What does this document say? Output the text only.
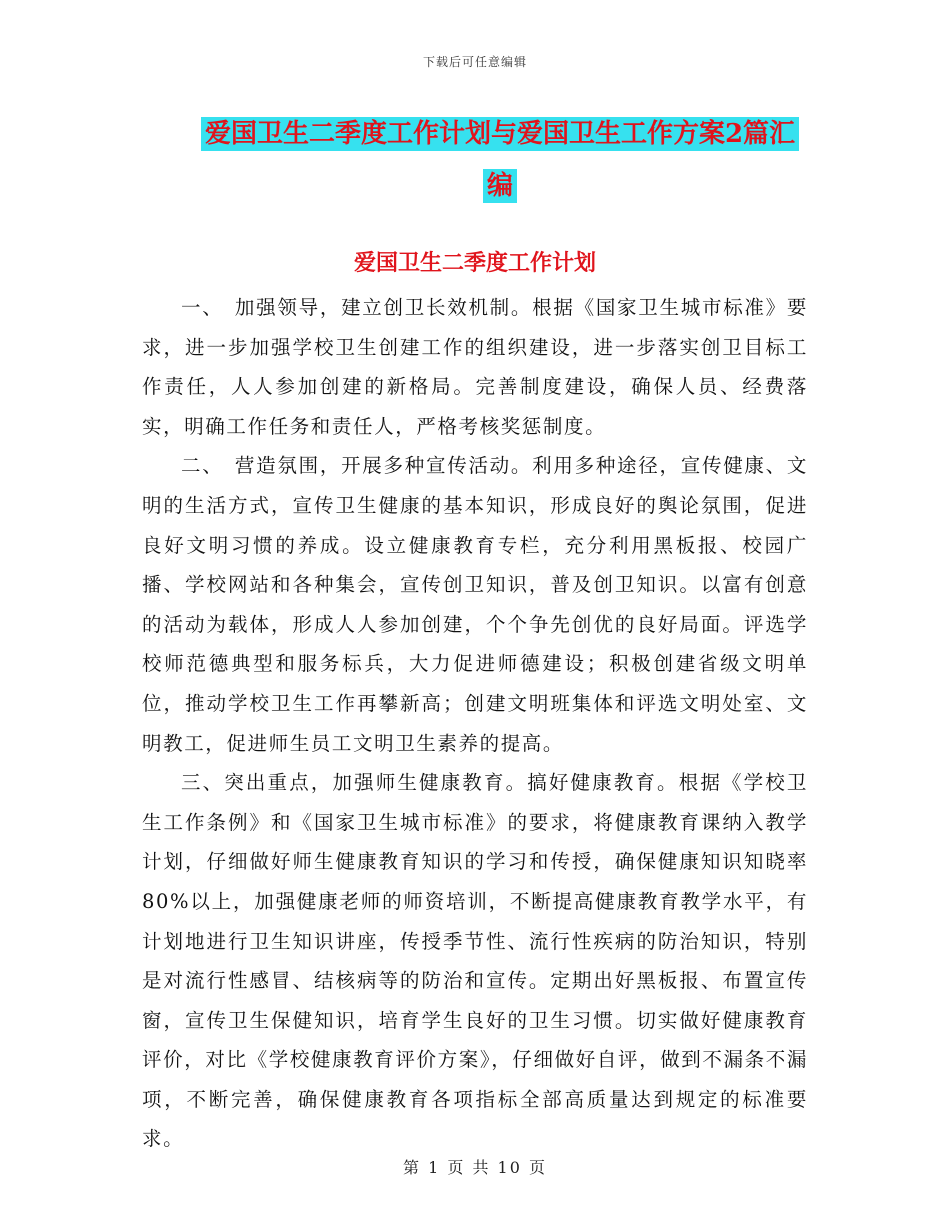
下载后可任意编辑
爱国卫生二季度工作计划与爱国卫生工作方案2篇汇
编
爱国卫生二季度工作计划

一、　加强领导，建立创卫长效机制。根据《国家卫生城市标准》要求，进一步加强学校卫生创建工作的组织建设，进一步落实创卫目标工作责任，人人参加创建的新格局。完善制度建设，确保人员、经费落实，明确工作任务和责任人，严格考核奖惩制度。

二、　营造氛围，开展多种宣传活动。利用多种途径，宣传健康、文明的生活方式，宣传卫生健康的基本知识，形成良好的舆论氛围，促进良好文明习惯的养成。设立健康教育专栏，充分利用黑板报、校园广播、学校网站和各种集会，宣传创卫知识，普及创卫知识。以富有创意的活动为载体，形成人人参加创建，个个争先创优的良好局面。评选学校师范德典型和服务标兵，大力促进师德建设；积极创建省级文明单位，推动学校卫生工作再攀新高；创建文明班集体和评选文明处室、文明教工，促进师生员工文明卫生素养的提高。

三、突出重点，加强师生健康教育。搞好健康教育。根据《学校卫生工作条例》和《国家卫生城市标准》的要求，将健康教育课纳入教学计划，仔细做好师生健康教育知识的学习和传授，确保健康知识知晓率80%以上，加强健康老师的师资培训，不断提高健康教育教学水平，有计划地进行卫生知识讲座，传授季节性、流行性疾病的防治知识，特别是对流行性感冒、结核病等的防治和宣传。定期出好黑板报、布置宣传窗，宣传卫生保健知识，培育学生良好的卫生习惯。切实做好健康教育评价，对比《学校健康教育评价方案》，仔细做好自评，做到不漏条不漏项，不断完善，确保健康教育各项指标全部高质量达到规定的标准要求。

第 1 页 共 10 页
